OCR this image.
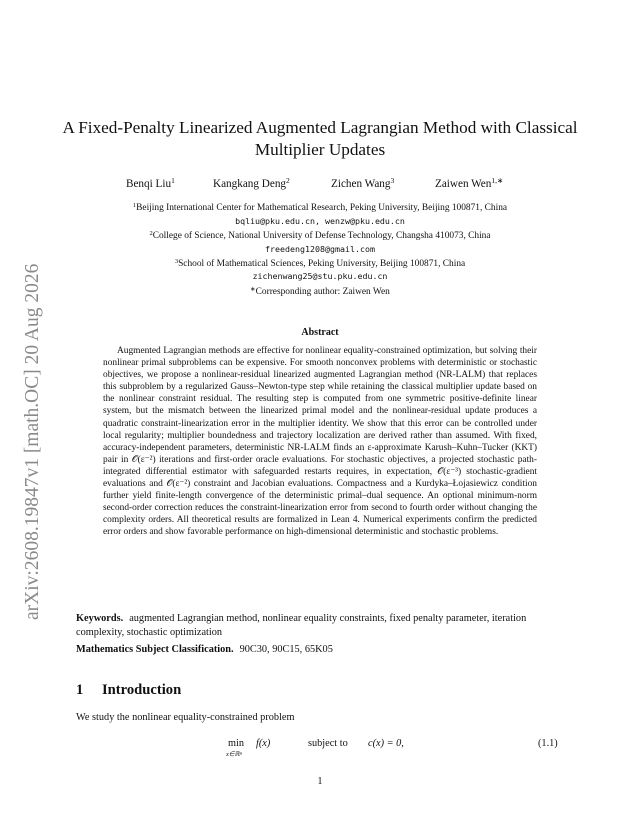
arXiv:2608.19847v1 [math.OC] 20 Aug 2026
A Fixed-Penalty Linearized Augmented Lagrangian Method with Classical Multiplier Updates
Benqi Liu$^1$	Kangkang Deng$^2$	Zichen Wang$^3$	Zaiwen Wen$^{1,∗}$
$^1$Beijing International Center for Mathematical Research, Peking University, Beijing 100871, China
bqliu@pku.edu.cn, wenzw@pku.edu.cn
$^2$College of Science, National University of Defense Technology, Changsha 410073, China
freedeng1208@gmail.com
$^3$School of Mathematical Sciences, Peking University, Beijing 100871, China
zichenwang25@stu.pku.edu.cn
∗Corresponding author: Zaiwen Wen
Abstract

Augmented Lagrangian methods are effective for nonlinear equality-constrained optimization, but solving their nonlinear primal subproblems can be expensive. For smooth nonconvex problems with deterministic or stochastic objectives, we propose a nonlinear-residual linearized augmented Lagrangian method (NR-LALM) that replaces this subproblem by a regularized Gauss–Newton-type step while retaining the classical multiplier update based on the nonlinear constraint residual. The resulting step is computed from one symmetric positive-definite linear system, but the mismatch between the linearized primal model and the nonlinear-residual update produces a quadratic constraint-linearization error in the multiplier identity. We show that this error can be controlled under local regularity; multiplier boundedness and trajectory localization are derived rather than assumed. With fixed, accuracy-independent parameters, deterministic NR-LALM finds an ε-approximate Karush–Kuhn–Tucker (KKT) pair in 𝒪(ε⁻²) iterations and first-order oracle evaluations. For stochastic objectives, a projected stochastic path-integrated differential estimator with safeguarded restarts requires, in expectation, 𝒪(ε⁻³) stochastic-gradient evaluations and 𝒪(ε⁻²) constraint and Jacobian evaluations. Compactness and a Kurdyka–Łojasiewicz condition further yield finite-length convergence of the deterministic primal–dual sequence. An optional minimum-norm second-order correction reduces the constraint-linearization error from second to fourth order without changing the complexity orders. All theoretical results are formalized in Lean 4. Numerical experiments confirm the predicted error orders and show favorable performance on high-dimensional deterministic and stochastic problems.

Keywords. augmented Lagrangian method, nonlinear equality constraints, fixed penalty parameter, iteration complexity, stochastic optimization

Mathematics Subject Classification. 90C30, 90C15, 65K05

1 Introduction

We study the nonlinear equality-constrained problem

min
x∈ℝⁿ
f(x)	subject to c(x) = 0,	(1.1)
1
